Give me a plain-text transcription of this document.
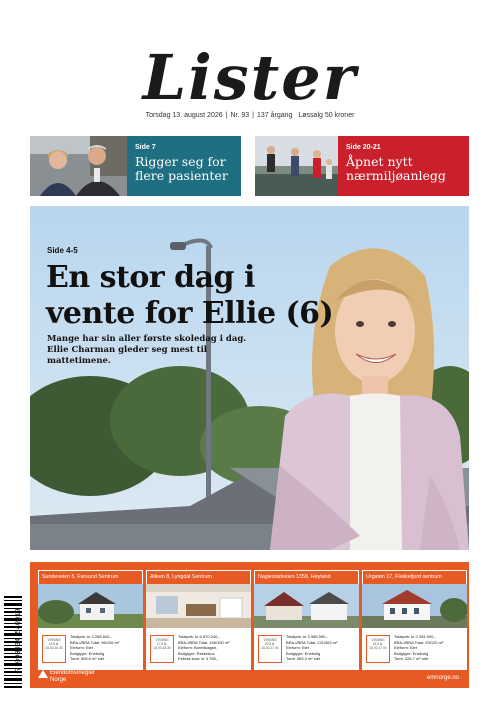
Lister
Torsdag 13. august 2026 | Nr. 93 | 137 årgang Løssalg 50 kroner
Side 7
Rigger seg for flere pasienter
Side 20-21
Åpnet nytt nærmiljøanlegg
Side 4-5
En stor dag i vente for Ellie (6)
Mange har sin aller første skoledag i dag. Ellie Charman gleder seg mest til mattetimene.
Sundeveien 5, Farsund Sentrum
VISNING
19.8 kl.
16.30-16.45
Totalpris: kr 3 285 840,-
BRA-i/BRA Total: 96/106 m²
Eieform: Eiet
Boligtype: Enebolig
Tomt: 506.6 m² eiet
Alleen 8, Lyngdal Sentrum
VISNING
17.8 kl.
18.00-18.30
Totalpris: kr 6 870 040,-
BRA-i/BRA Total: 166/190 m²
Eieform: Borettslagsh.
Boligtype: Rekkehus
Fellesk.kost: kr 3 785,-
Nagiestadveien 1359, Høyland
VISNING
20.8 kl.
16.00-17.00
Totalpris: kr 3 586 590,-
BRA-i/BRA Total: 231/363 m²
Eieform: Eiet
Boligtype: Enebolig
Tomt: 983.3 m² eiet
Urgaten 17, Flekkefjord sentrum
VISNING
24.8 kl.
16.00-17.00
Totalpris: kr 2 394 590,-
BRA-i/BRA Total: 93/120 m²
Eieform: Eiet
Boligtype: Enebolig
Tomt: 326.7 m² eiet
Eiendomsmegler
Norge	emnorge.no
7 090034 540019
